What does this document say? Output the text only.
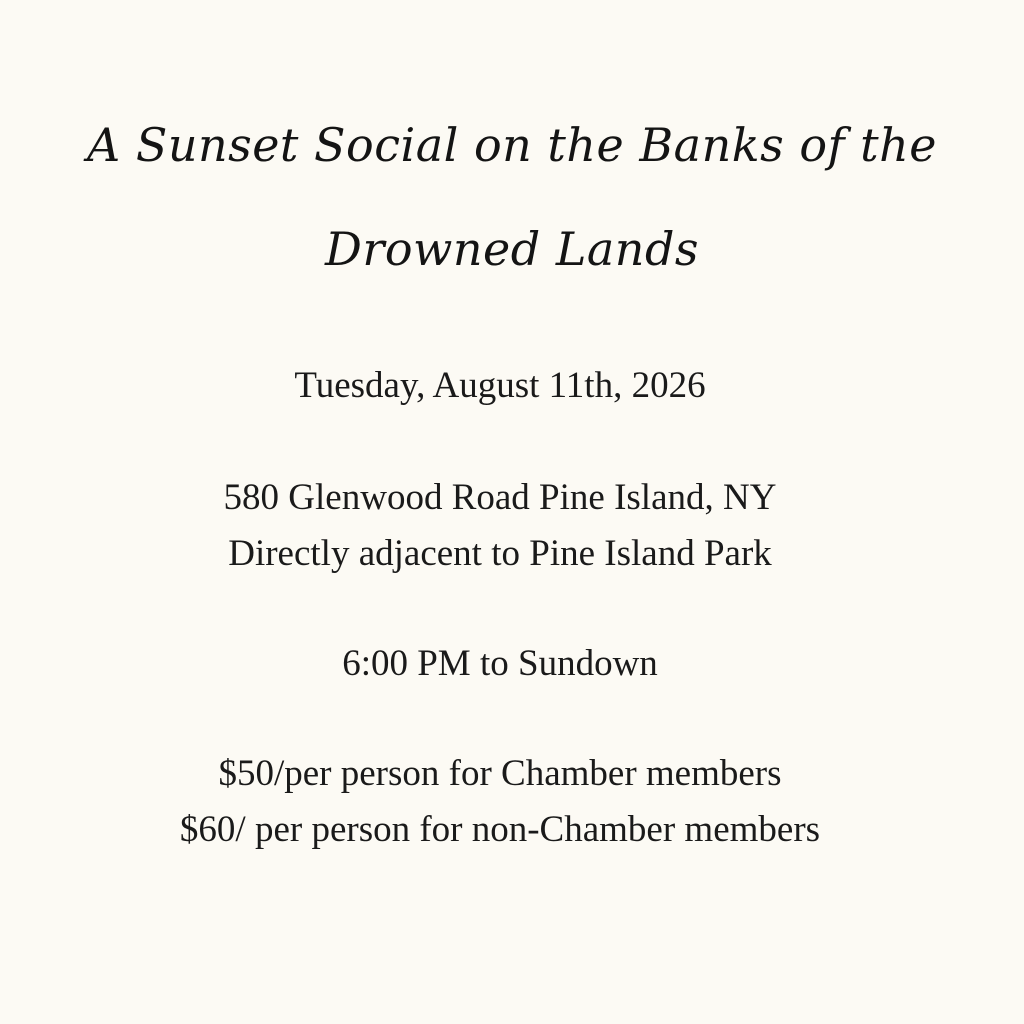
A Sunset Social on the Banks of the
Drowned Lands
Tuesday, August 11th, 2026
580 Glenwood Road Pine Island, NY
Directly adjacent to Pine Island Park
6:00 PM to Sundown
$50/per person for Chamber members
$60/ per person for non-Chamber members
